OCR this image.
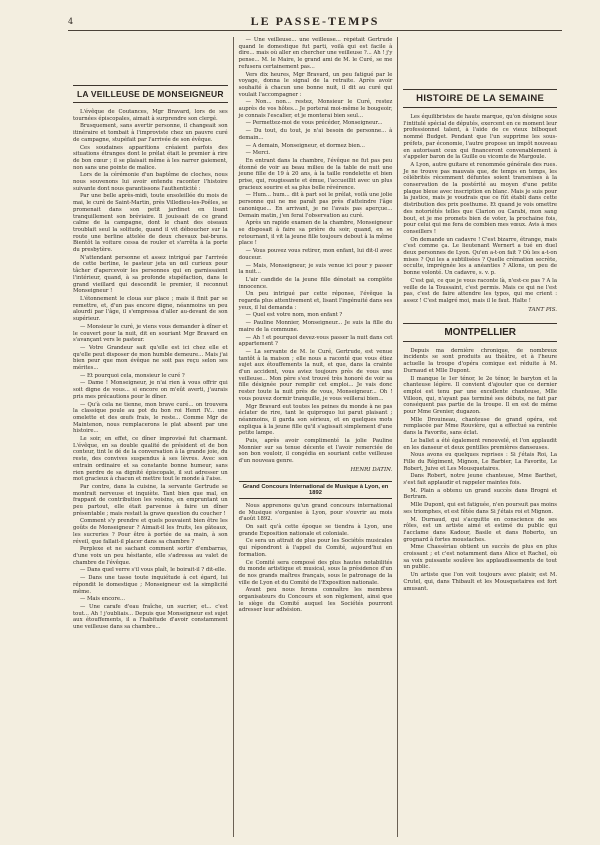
4	LE PASSE-TEMPS
LA VEILLEUSE DE MONSEIGNEUR

L'évêque de Coutances, Mgr Bravard, lors de ses tournées épiscopales, aimait à surprendre son clergé.

Brusquement, sans avertir personne, il changeait son itinéraire et tombait à l'improviste chez un pauvre curé de campagne, stupéfait par l'arrivée de son évêque.

Ces soudaines apparitions créaient parfois des situations étranges dont le prélat était le premier à rire de bon cœur ; il se plaisait même à les narrer gaiement, non sans une pointe de malice.

Lors de la cérémonie d'un baptême de cloches, nous nous souvenons lui avoir entendu raconter l'histoire suivante dont nous garantissons l'authenticité :

Par une belle après-midi, toute ensoleillée du mois de mai, le curé de Saint-Martin, près Villedieu-les-Poêles, se promenait dans son petit jardinet en lisant tranquillement son bréviaire. Il jouissait de ce grand calme de la campagne, dont le chant des oiseaux troublait seul la solitude, quand il vit déboucher sur la route une berline attelée de deux chevaux bai-bruns. Bientôt la voiture cessa de rouler et s'arrêta à la porte du presbytère.

N'attendant personne et assez intrigué par l'arrivée de cette berline, le pasteur jeta un œil curieux pour tâcher d'apercevoir les personnes qui en garnissaient l'intérieur, quand, à sa profonde stupéfaction, dans le grand vieillard qui descendit le premier, il reconnut Monseigneur !

L'étonnement le cloua sur place ; mais il finit par se remettre, et, d'un pas encore digne, néanmoins un peu alourdi par l'âge, il s'empressa d'aller au-devant de son supérieur.

— Monsieur le curé, je viens vous demander à dîner et le couvert pour la nuit, dit en souriant Mgr Bravard en s'avançant vers le pasteur.

— Votre Grandeur sait qu'elle est ici chez elle et qu'elle peut disposer de mon humble demeure... Mais j'ai bien peur que mon évêque ne soit pas reçu selon ses mérites...

— Et pourquoi cela, monsieur le curé ?

— Dame ! Monseigneur, je n'ai rien à vous offrir qui soit digne de vous... si encore on m'eût averti, j'aurais pris mes précautions pour le dîner.

— Qu'à cela ne tienne, mon brave curé... on trouvera la classique poule au pot du bon roi Henri IV... une omelette et des œufs frais, le reste... Comme Mgr de Maintenon, nous remplacerons le plat absent par une histoire...

Le soir, en effet, ce dîner improvisé fut charmant. L'évêque, en sa double qualité de président et de bon conteur, tint le dé de la conversation à la grande joie, du reste, des convives suspendus à ses lèvres. Avec son entrain ordinaire et sa constante bonne humeur, sans rien perdre de sa dignité épiscopale, il sut adresser un mot gracieux à chacun et mettre tout le monde à l'aise.

Par contre, dans la cuisine, la servante Gertrude se montrait nerveuse et inquiète. Tant bien que mal, en frappant de contribution les voisins, en empruntant un peu partout, elle était parvenue à faire un dîner présentable ; mais restait la grave question du coucher !

Comment s'y prendre et quels pouvaient bien être les goûts de Monseigneur ? Aimait-il les fruits, les gâteaux, les sucreries ? Pour être à portée de sa main, à son réveil, que fallait-il placer dans sa chambre ?

Perplexe et ne sachant comment sortir d'embarras, d'une voix un peu hésitante, elle s'adressa au valet de chambre de l'évêque.

— Dans quel verre s'il vous plaît, le boirait-il ? dit-elle.

— Dans une tasse toute inquiétude à cet égard, lui répondit le domestique ; Monseigneur est la simplicité même.

— Mais encore...

— Une carafe d'eau fraîche, un sucrier, et... c'est tout... Ah ! j'oubliais... Depuis que Monseigneur est sujet aux étouffements, il a l'habitude d'avoir constamment une veilleuse dans sa chambre...

— Une veilleuse... une veilleuse... répétait Gertrude quand le domestique fut parti, voilà qui est facile à dire... mais où aller en chercher une veilleuse ?... Ah ! j'y pense... M. le Maire, le grand ami de M. le Curé, se me refusera certainement pas...

Vers dix heures, Mgr Bravard, un peu fatigué par le voyage, donna le signal de la retraite. Après avoir souhaité à chacun une bonne nuit, il dit au curé qui voulait l'accompagner :

— Non... non... restez, Monsieur le Curé, restez auprès de vos hôtes... Je porterai moi-même le bougeoir, je connais l'escalier, et je monterai bien seul...

— Permettez-moi de vous précéder, Monseigneur...

— Du tout, du tout, je n'ai besoin de personne... à demain...

— A demain, Monseigneur, et dormez bien...

— Merci.

En entrant dans la chambre, l'évêque ne fut pas peu étonné de voir au beau milieu de la table de nuit une jeune fille de 19 à 20 ans, à la taille rondelette et bien prise, qui, rougissante et émue, l'accueillit avec un plus gracieux sourire et sa plus belle révérence.

— Hum... hum... dit à part soi le prélat, voilà une jolie personne qui ne me paraît pas près d'atteindre l'âge canonique... En arrivant, je ne l'avais pas aperçue... Demain matin, j'en ferai l'observation au curé.

Après un rapide examen de la chambre, Monseigneur se disposait à faire sa prière du soir, quand, en se retournant, il vit la jeune fille toujours debout à la même place !

— Vous pouvez vous retirer, mon enfant, lui dit-il avec douceur.

— Mais, Monseigneur, je suis venue ici pour y passer la nuit...

L'air candide de la jeune fille dénotait sa complète innocence.

Un peu intrigué par cette réponse, l'évêque la regarda plus attentivement et, lisant l'ingénuité dans ses yeux, il lui demanda :

— Quel est votre nom, mon enfant ?

— Pauline Monnier, Monseigneur... Je suis la fille du maire de la commune.

— Ah ! et pourquoi devez-vous passer la nuit dans cet appartement ?

— La servante de M. le Curé, Gertrude, est venue tantôt à la maison ; elle nous a raconté que vous étiez sujet aux étouffements la nuit, et que, dans la crainte d'un accident, vous aviez toujours près de vous une veilleuse... Mon père s'est trouvé très honoré de voir sa fille désignée pour remplir cet emploi... Je vais donc rester toute la nuit près de vous, Monseigneur... Oh ! vous pouvez dormir tranquille, je vous veillerai bien...

Mgr Bravard eut toutes les peines du monde à ne pas éclater de rire, tant le quiproquo lui parut plaisant ; néanmoins, il garda son sérieux, et en quelques mots expliqua à la jeune fille qu'il s'agissait simplement d'une petite lampe.

Puis, après avoir complimenté la jolie Pauline Monnier sur sa tenue décente et l'avoir remerciée de son bon vouloir, il congédia en souriant cette veilleuse d'un nouveau genre.

HENRI DATIN.
Grand Concours International de Musique à Lyon, en 1892

Nous apprenons qu'un grand concours international de Musique s'organise à Lyon, pour s'ouvrir au mois d'août 1892.

On sait qu'à cette époque se tiendra à Lyon, une grande Exposition nationale et coloniale.

Ce sera un attrait de plus pour les Sociétés musicales qui répondront à l'appel du Comité, aujourd'hui en formation.

Ce Comité sera composé des plus hautes notabilités du monde artistique et musical, sous la présidence d'un de nos grands maîtres français, sous le patronage de la ville de Lyon et du Comité de l'Exposition nationale.

Avant peu nous ferons connaître les membres organisateurs du Concours et son règlement, ainsi que le siège du Comité auquel les Sociétés pourront adresser leur adhésion.

HISTOIRE DE LA SEMAINE

Les équilibristes de haute marque, qu'on désigne sous l'intitulé spécial de députés, exercent en ce moment leur professionnel talent, à l'aide de ce vieux bilboquet nommé Budget. Pendant que l'un supprime les sous-préfets, par économie, l'autre propose un impôt nouveau en autorisant ceux qui financeront convenablement à s'appeler baron de la Guille ou vicomte de Margoule.

A Lyon, autre guitare et renommée générale des rues. Je ne trouve pas mauvais que, de temps en temps, les célébrités récemment défuntes soient transmises à la conservation de la postérité au moyen d'une petite plaque bleue avec inscription en blanc. Mais je suis pour la justice, mais je voudrais que ce fût établi dans cette distribution des prix posthume. Et quand je vois omettre des notoriétés telles que Clarion ou Carabi, mon sang bout, et je me promets bien de voter, la prochaine fois, pour celui qui me fera de combien mes vœux. Avis à mes conseillers !

On demande un cadavre ! C'est bizarre, étrange, mais c'est comme ça. Le lieutenant Wernert a tué en duel deux personnes de Lyon. Qu'en a-t-on fait ? Où les a-t-on mises ? Qui les a subtilisées ? Quelle crémation secrète, occulte, imprégnée les a anéanties ? Allons, un peu de bonne volonté. Un cadavre, s. v. p.

C'est gai, ce que je vous raconte là, n'est-ce pas ? A la veille de la Toussaint, c'est permis. Mais ce qui ne l'est pas, c'est de faire attendre les typos, qui me crient : assez ! C'est malgré moi, mais il le faut. Halte !

TANT PIS.
MONTPELLIER

Depuis ma dernière chronique, de nombreux incidents se sont produits au théâtre, et à l'heure actuelle la troupe d'opéra comique est réduite à M. Durnaud et Mlle Dupont.

Il manque le 1er ténor, le 2e ténor, le baryton et la chanteuse légère. Il convient d'ajouter que ce dernier emploi est tenu par une excellente chanteuse, Mlle Villeon, qui, n'ayant pas terminé ses débuts, ne fait par conséquent pas partie de la troupe. Il en est de même pour Mme Grenier, dugazon.

Mlle Drouineau, chanteuse de grand opéra, est remplacée par Mme Rouvière, qui a effectué sa rentrée dans la Favorite, sans éclat.

Le ballet a été également renouvelé, et l'on applaudit en les danseur et deux gentilles premières danseuses.

Nous avons eu quelques reprises : Si j'étais Roi, La Fille du Régiment, Mignon, Le Barbier, La Favorite, Le Robert, Juive et Les Mousquetaires.

Dans Robert, notre jeune chanteuse, Mme Barthet, s'est fait applaudir et rappeler maintes fois.

M. Plain a obtenu un grand succès dans Brogni et Bertram.

Mlle Dupont, qui est fatiguée, n'en poursuit pas moins ses triomphes, et est fêtée dans Si j'étais roi et Mignon.

M. Durnaud, qui s'acquitte en conscience de ses rôles, est un artiste aimé et estimé du public qui l'acclame dans Kadour, Basile et dans Roberto, un grognard à fortes moustaches.

Mme Chassériau obtient un succès de plus en plus croissant ; et c'est notamment dans Alice et Rachel, où sa voix puissante soulève les applaudissements de tout un public.

Un artiste que l'on voit toujours avec plaisir, est M. Crutel, qui, dans Thibault et les Mousquetaires est fort amusant.
